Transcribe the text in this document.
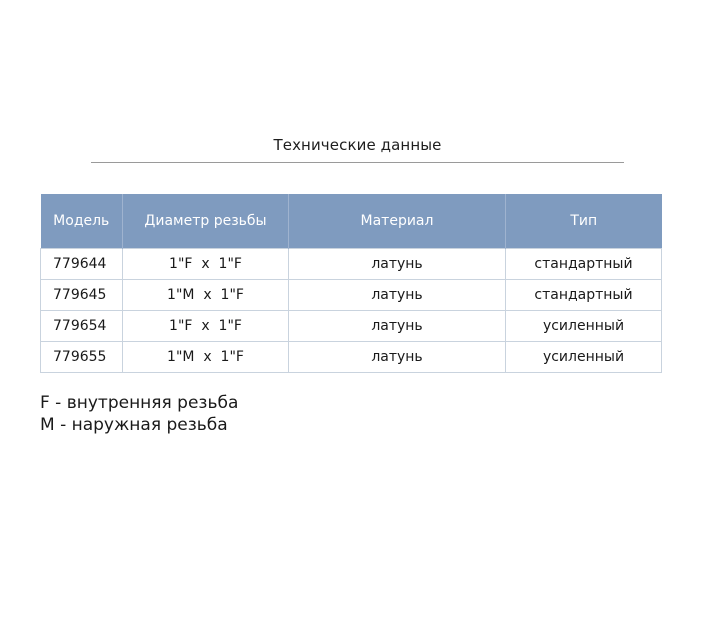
Технические данные
Модель	Диаметр резьбы	Материал	Тип
779644	1"F  x  1"F	латунь	стандартный
779645	1"M  x  1"F	латунь	стандартный
779654	1"F  x  1"F	латунь	усиленный
779655	1"M  x  1"F	латунь	усиленный
F - внутренняя резьба
M - наружная резьба
